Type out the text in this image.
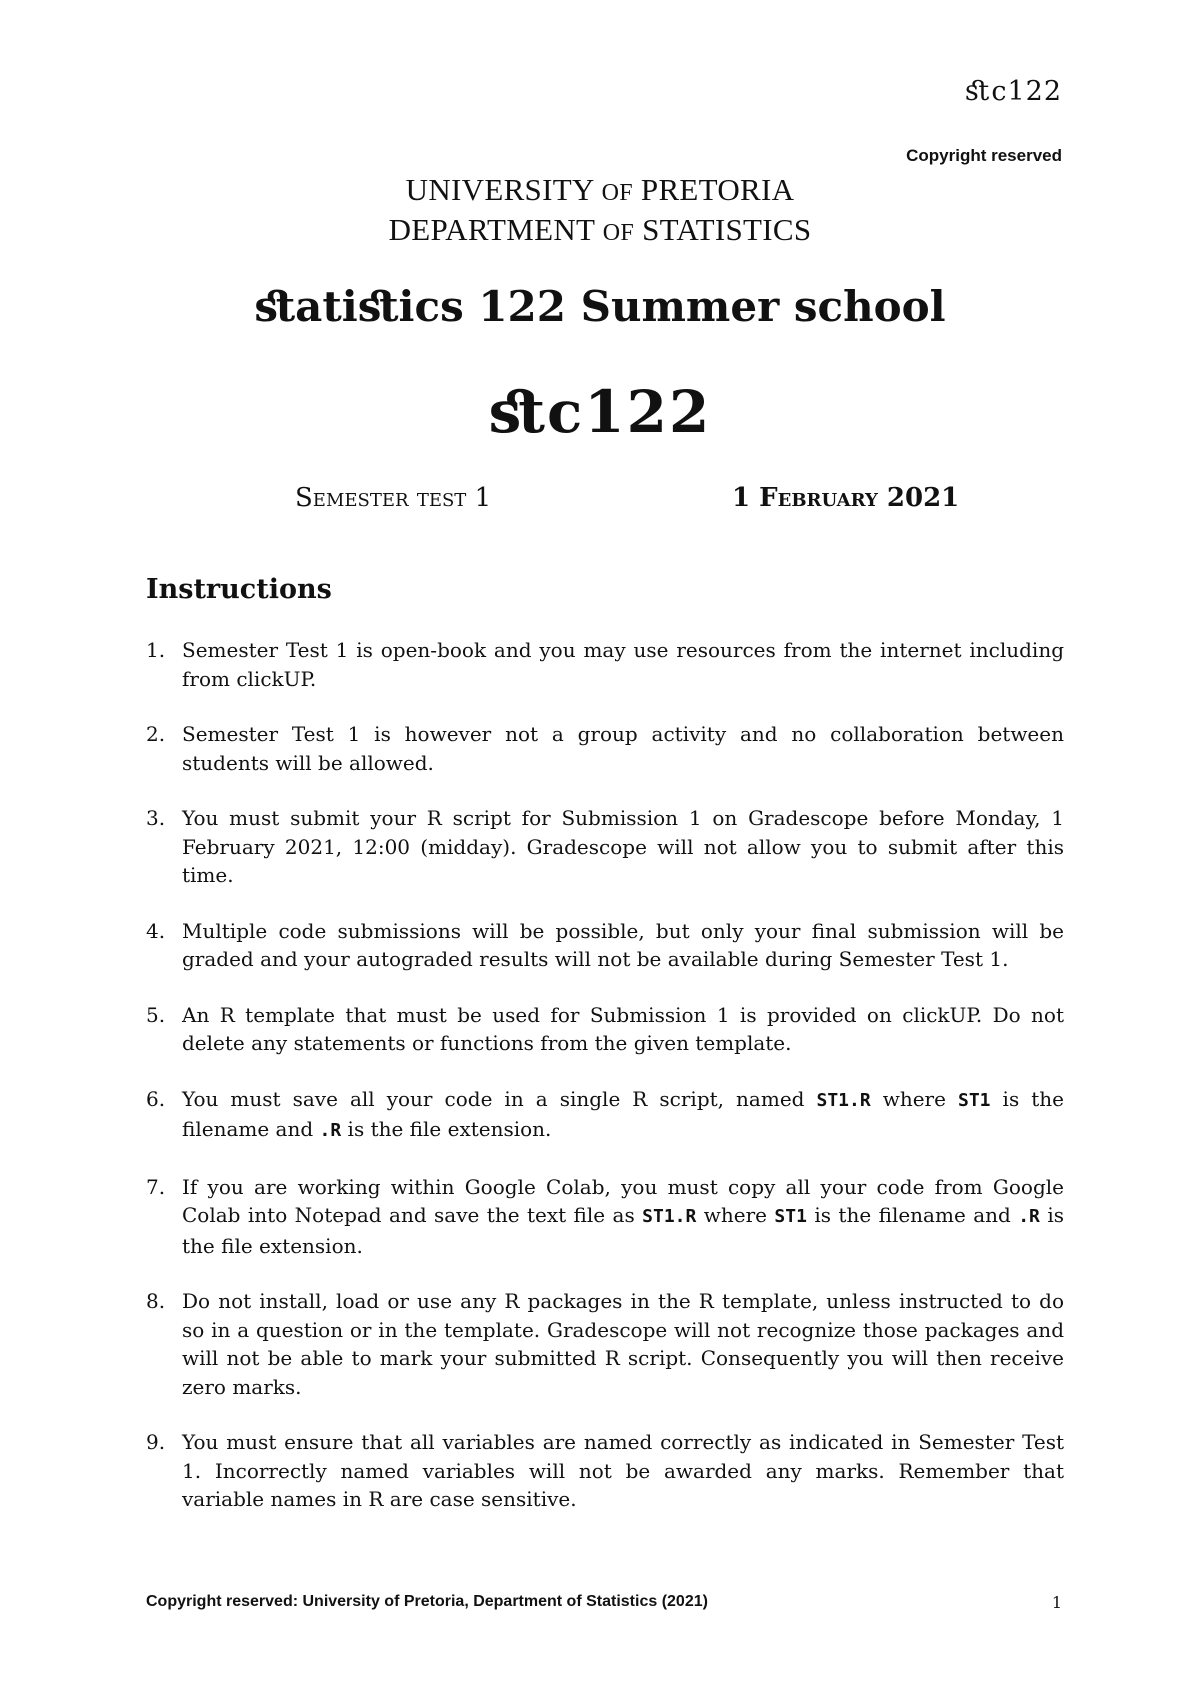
ﬆc122
Copyright reserved
UNIVERSITY OF PRETORIA
DEPARTMENT OF STATISTICS
ﬆatiﬆics 122 Summer school
ﬆc122
Semester test 1	1 February 2021
Instructions
1. Semester Test 1 is open-book and you may use resources from the internet including from clickUP.
2. Semester Test 1 is however not a group activity and no collaboration between students will be allowed.
3. You must submit your R script for Submission 1 on Gradescope before Monday, 1 February 2021, 12:00 (midday). Gradescope will not allow you to submit after this time.
4. Multiple code submissions will be possible, but only your final submission will be graded and your autograded results will not be available during Semester Test 1.
5. An R template that must be used for Submission 1 is provided on clickUP. Do not delete any statements or functions from the given template.
6. You must save all your code in a single R script, named ST1.R where ST1 is the filename and .R is the file extension.
7. If you are working within Google Colab, you must copy all your code from Google Colab into Notepad and save the text file as ST1.R where ST1 is the filename and .R is the file extension.
8. Do not install, load or use any R packages in the R template, unless instructed to do so in a question or in the template. Gradescope will not recognize those packages and will not be able to mark your submitted R script. Consequently you will then receive zero marks.
9. You must ensure that all variables are named correctly as indicated in Semester Test 1. Incorrectly named variables will not be awarded any marks. Remember that variable names in R are case sensitive.
Copyright reserved: University of Pretoria, Department of Statistics (2021)	1
